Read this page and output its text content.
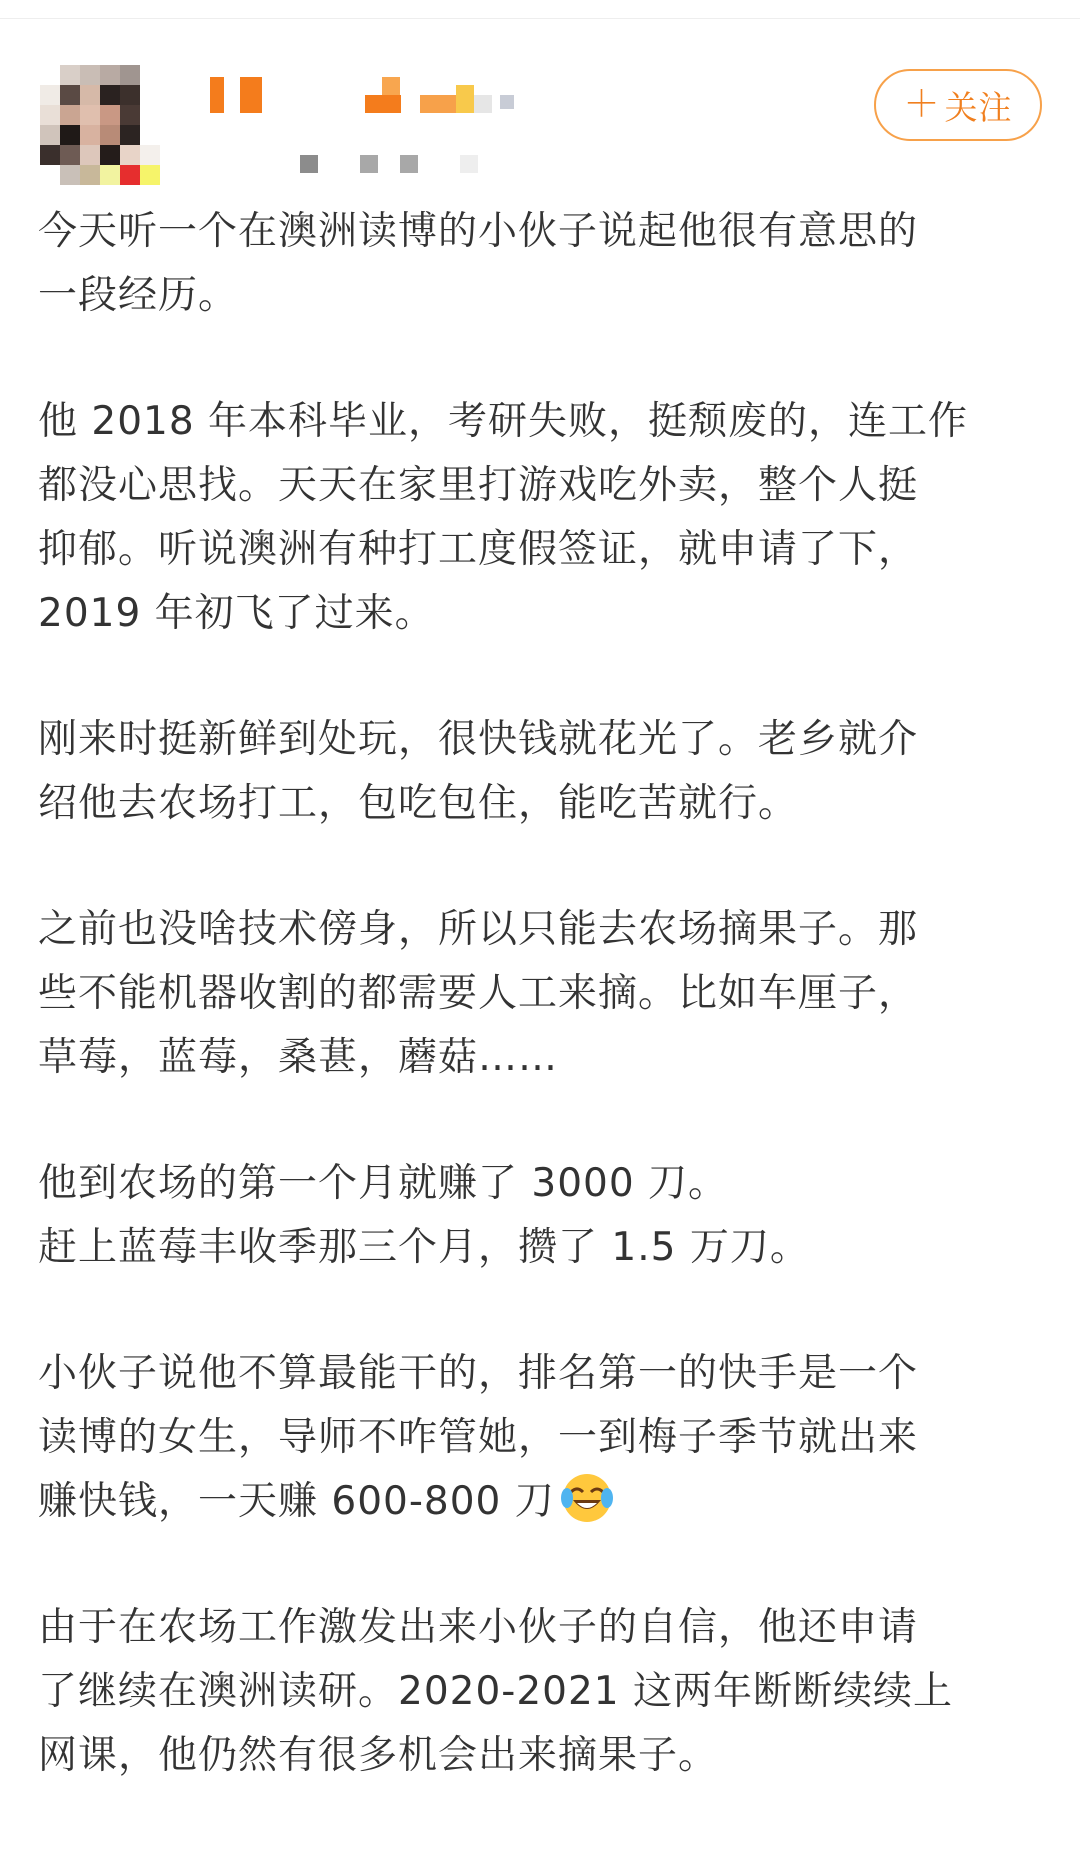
＋ 关注

今天听一个在澳洲读博的小伙子说起他很有意思的
一段经历。

他 2018 年本科毕业，考研失败，挺颓废的，连工作
都没心思找。天天在家里打游戏吃外卖，整个人挺
抑郁。听说澳洲有种打工度假签证，就申请了下，
2019 年初飞了过来。

刚来时挺新鲜到处玩，很快钱就花光了。老乡就介
绍他去农场打工，包吃包住，能吃苦就行。

之前也没啥技术傍身，所以只能去农场摘果子。那
些不能机器收割的都需要人工来摘。比如车厘子，
草莓，蓝莓，桑葚，蘑菇……

他到农场的第一个月就赚了 3000 刀。
赶上蓝莓丰收季那三个月，攒了 1.5 万刀。

小伙子说他不算最能干的，排名第一的快手是一个
读博的女生，导师不咋管她，一到梅子季节就出来
赚快钱，一天赚 600-800 刀

由于在农场工作激发出来小伙子的自信，他还申请
了继续在澳洲读研。2020-2021 这两年断断续续上
网课，他仍然有很多机会出来摘果子。
